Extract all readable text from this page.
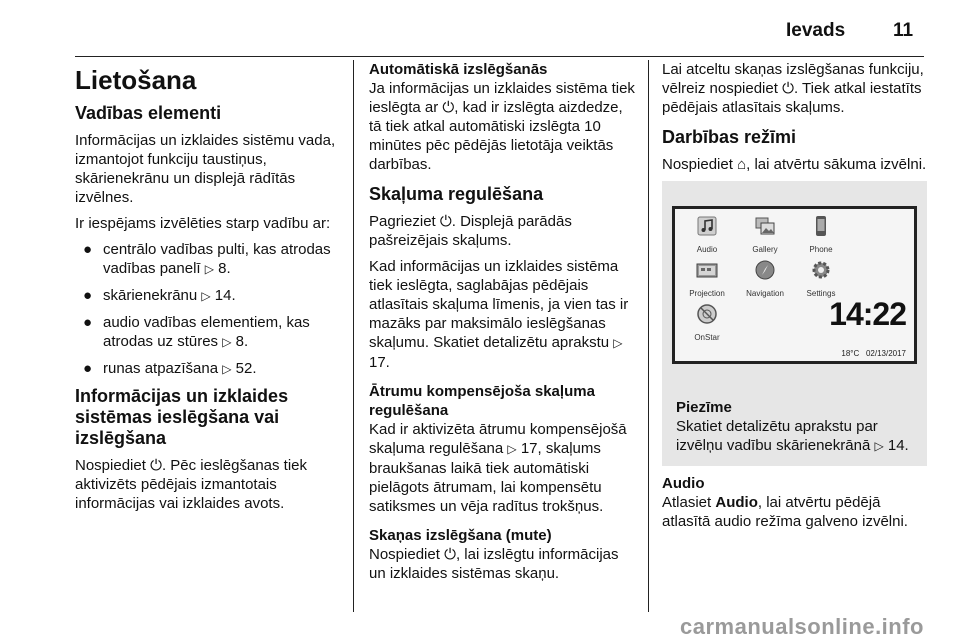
Ievads	11
Lietošana
Vadības elementi

Informācijas un izklaides sistēmu vada, izmantojot funkciju taustiņus, skārienekrānu un displejā rādītās izvēlnes.

Ir iespējams izvēlēties starp vadību ar:

● centrālo vadības pulti, kas atrodas vadības panelī ▷ 8.
● skārienekrānu ▷ 14.
● audio vadības elementiem, kas atrodas uz stūres ▷ 8.
● runas atpazīšana ▷ 52.
Informācijas un izklaides sistēmas ieslēgšana vai izslēgšana

Nospiediet ⏻. Pēc ieslēgšanas tiek aktivizēts pēdējais izmantotais informācijas vai izklaides avots.

Automātiskā izslēgšanās

Ja informācijas un izklaides sistēma tiek ieslēgta ar ⏻, kad ir izslēgta aizdedze, tā tiek atkal automātiski izslēgta 10 minūtes pēc pēdējās lietotāja veiktās darbības.

Skaļuma regulēšana

Pagrieziet ⏻. Displejā parādās pašreizējais skaļums.

Kad informācijas un izklaides sistēma tiek ieslēgta, saglabājas pēdējais atlasītais skaļuma līmenis, ja vien tas ir mazāks par maksimālo ieslēgšanas skaļumu. Skatiet detalizētu aprakstu ▷ 17.

Ātrumu kompensējoša skaļuma regulēšana

Kad ir aktivizēta ātrumu kompensējošā skaļuma regulēšana ▷ 17, skaļums braukšanas laikā tiek automātiski pielāgots ātrumam, lai kompensētu satiksmes un vēja radītus trokšņus.

Skaņas izslēgšana (mute)

Nospiediet ⏻, lai izslēgtu informācijas un izklaides sistēmas skaņu.

Lai atceltu skaņas izslēgšanas funkciju, vēlreiz nospiediet ⏻. Tiek atkal iestatīts pēdējais atlasītais skaļums.

Darbības režīmi

Nospiediet ⌂, lai atvērtu sākuma izvēlni.

Audio	Gallery	Phone
Projection	Navigation	Settings
OnStar
14:22
18°C 02/13/2017
Piezīme
Skatiet detalizētu aprakstu par izvēlņu vadību skārienekrānā ▷ 14.
Audio

Atlasiet Audio, lai atvērtu pēdējā atlasītā audio režīma galveno izvēlni.

carmanualsonline.info
